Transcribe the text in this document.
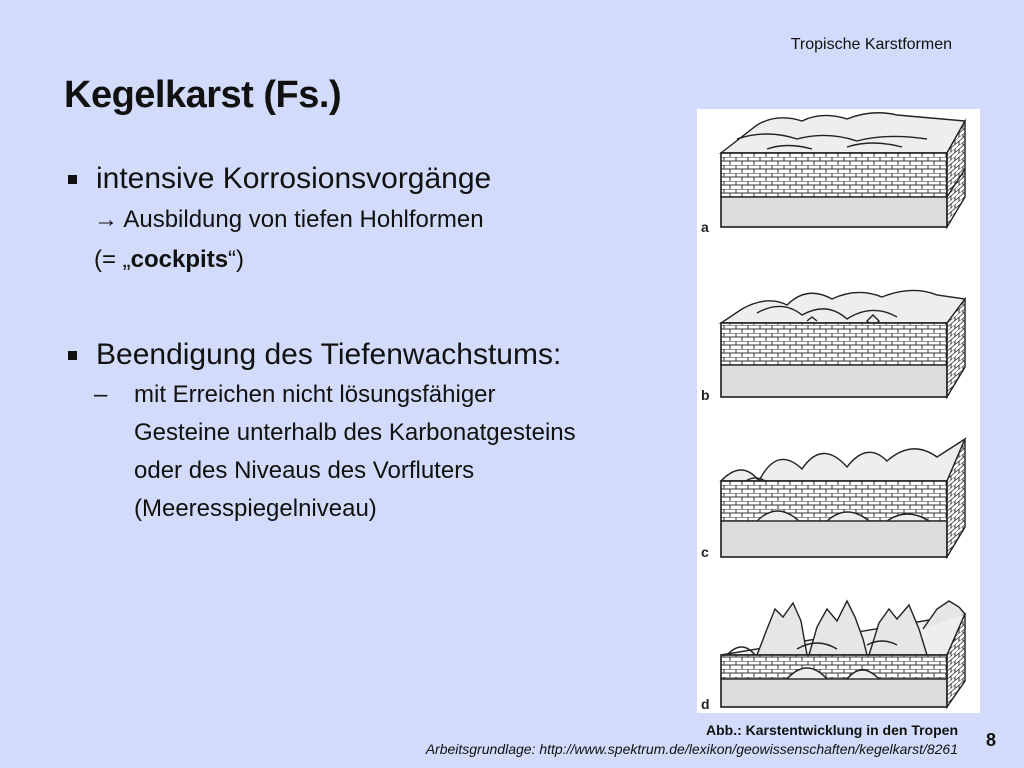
Tropische Karstformen
Kegelkarst (Fs.)

intensive Korrosionsvorgänge

→ Ausbildung von tiefen Hohlformen
(= „cockpits“)

Beendigung des Tiefenwachstums:

–	mit Erreichen nicht lösungsfähiger
Gesteine unterhalb des Karbonatgesteins
oder des Niveaus des Vorfluters
(Meeresspiegelniveau)
a
b
c
d
Abb.: Karstentwicklung in den Tropen
Arbeitsgrundlage: http://www.spektrum.de/lexikon/geowissenschaften/kegelkarst/8261 8
